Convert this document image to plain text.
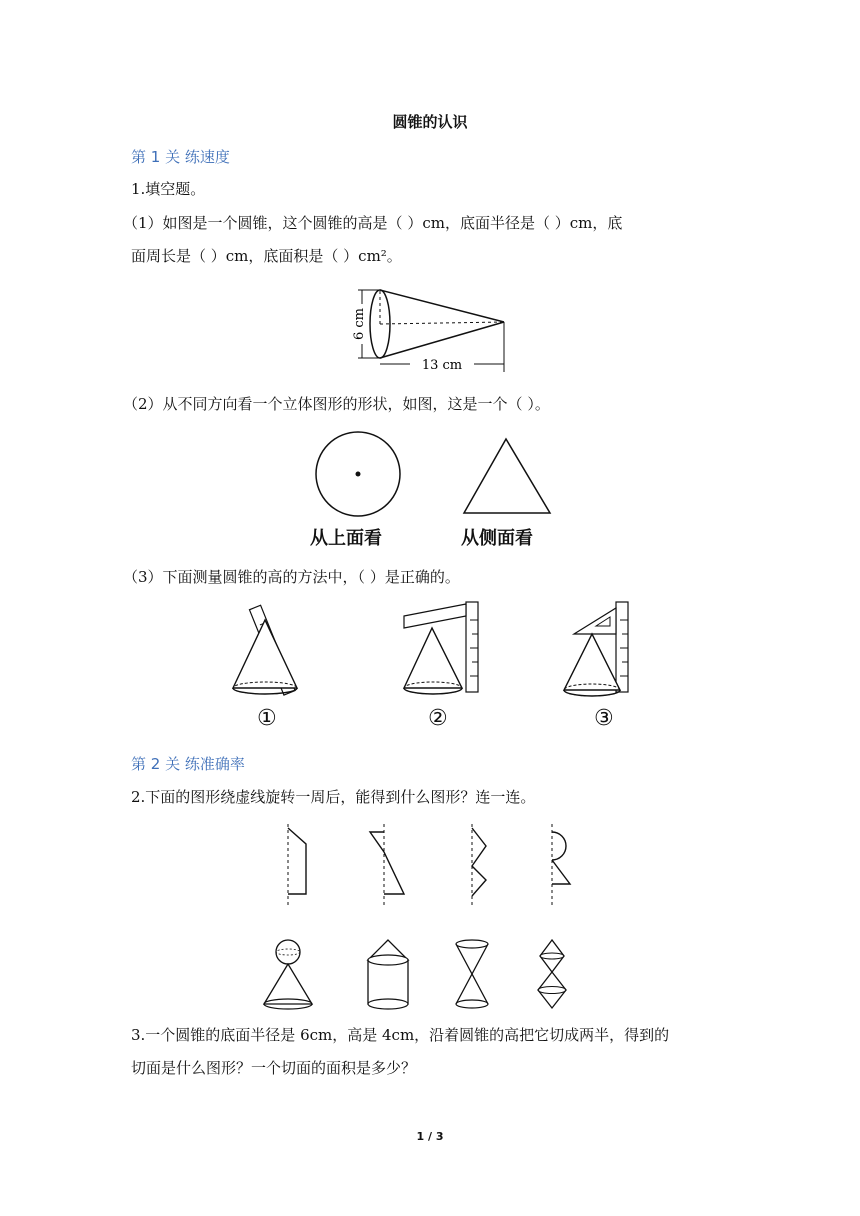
圆锥的认识
第 1 关 练速度
1.填空题。
（1）如图是一个圆锥，这个圆锥的高是（ ）cm，底面半径是（ ）cm，底
面周长是（ ）cm，底面积是（ ）cm²。
13 cm
6 cm
（2）从不同方向看一个立体图形的形状，如图，这是一个（ ）。
从上面看	从侧面看
（3）下面测量圆锥的高的方法中，（ ）是正确的。
①	②	③
第 2 关 练准确率
2.下面的图形绕虚线旋转一周后，能得到什么图形？连一连。
3.一个圆锥的底面半径是 6cm，高是 4cm，沿着圆锥的高把它切成两半，得到的
切面是什么图形？一个切面的面积是多少？
1 / 3
